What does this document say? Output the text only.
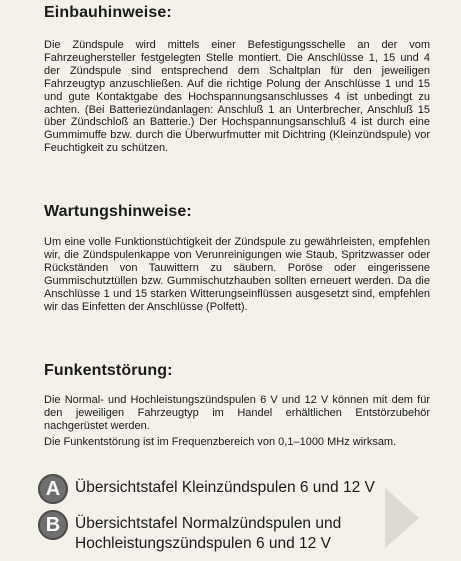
Einbauhinweise:

Die Zündspule wird mittels einer Befestigungsschelle an der vom Fahrzeughersteller festgelegten Stelle montiert. Die Anschlüsse 1, 15 und 4 der Zündspule sind entsprechend dem Schaltplan für den jeweiligen Fahrzeugtyp anzuschließen. Auf die richtige Polung der Anschlüsse 1 und 15 und gute Kontaktgabe des Hochspannungsanschlusses 4 ist unbedingt zu achten. (Bei Batteriezündanlagen: Anschluß 1 an Unterbrecher, Anschluß 15 über Zündschloß an Batterie.) Der Hochspannungsanschluß 4 ist durch eine Gummimuffe bzw. durch die Überwurfmutter mit Dichtring (Kleinzündspule) vor Feuchtigkeit zu schützen.

Wartungshinweise:

Um eine volle Funktionstüchtigkeit der Zündspule zu gewährleisten, empfehlen wir, die Zündspulenkappe von Verunreinigungen wie Staub, Spritzwasser oder Rückständen von Tauwittern zu säubern. Poröse oder eingerissene Gummischutztüllen bzw. Gummischutzhauben sollten erneuert werden. Da die Anschlüsse 1 und 15 starken Witterungseinflüssen ausgesetzt sind, empfehlen wir das Einfetten der Anschlüsse (Polfett).

Funkentstörung:

Die Normal- und Hochleistungszündspulen 6 V und 12 V können mit dem für den jeweiligen Fahrzeugtyp im Handel erhältlichen Entstörzubehör nachgerüstet werden.

Die Funkentstörung ist im Frequenzbereich von 0,1–1000 MHz wirksam.

A Übersichtstafel Kleinzündspulen 6 und 12 V
B Übersichtstafel Normalzündspulen und Hochleistungszündspulen 6 und 12 V
